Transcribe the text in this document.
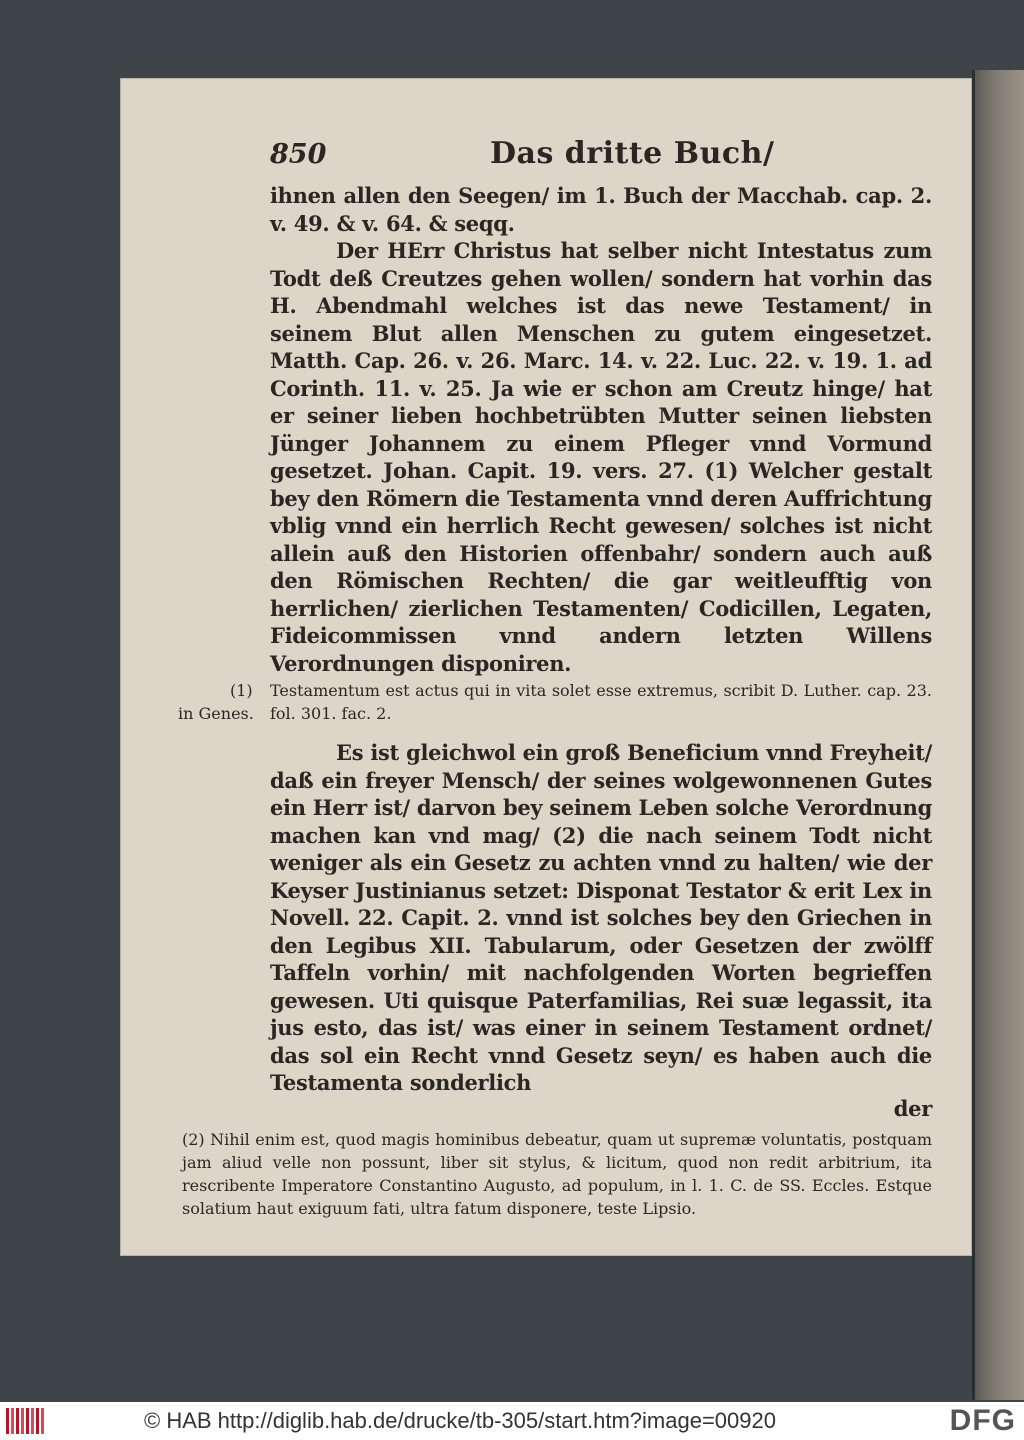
850	Das dritte Buch/

ihnen allen den Seegen/ im 1. Buch der Macchab. cap. 2. v. 49. & v. 64. & seqq.

Der HErr Christus hat selber nicht Intestatus zum Todt deß Creutzes gehen wollen/ sondern hat vorhin das H. Abendmahl welches ist das newe Testament/ in seinem Blut allen Menschen zu gutem eingesetzet. Matth. Cap. 26. v. 26. Marc. 14. v. 22. Luc. 22. v. 19. 1. ad Corinth. 11. v. 25. Ja wie er schon am Creutz hinge/ hat er seiner lieben hochbetrübten Mutter seinen liebsten Jünger Johannem zu einem Pfleger vnnd Vormund gesetzet. Johan. Capit. 19. vers. 27. (1) Welcher gestalt bey den Römern die Testamenta vnnd deren Auffrichtung vblig vnnd ein herrlich Recht gewesen/ solches ist nicht allein auß den Historien offenbahr/ sondern auch auß den Römischen Rechten/ die gar weitleufftig von herrlichen/ zierlichen Testamenten/ Codicillen, Legaten, Fideicommissen vnnd andern letzten Willens Verordnungen disponiren.

(1)
in Genes.
Testamentum est actus qui in vita solet esse extremus, scribit D. Luther. cap. 23. fol. 301. fac. 2.

Es ist gleichwol ein groß Beneficium vnnd Freyheit/ daß ein freyer Mensch/ der seines wolgewonnenen Gutes ein Herr ist/ darvon bey seinem Leben solche Verordnung machen kan vnd mag/ (2) die nach seinem Todt nicht weniger als ein Gesetz zu achten vnnd zu halten/ wie der Keyser Justinianus setzet: Disponat Testator & erit Lex in Novell. 22. Capit. 2. vnnd ist solches bey den Griechen in den Legibus XII. Tabularum, oder Gesetzen der zwölff Taffeln vorhin/ mit nachfolgenden Worten begrieffen gewesen. Uti quisque Paterfamilias, Rei suæ legassit, ita jus esto, das ist/ was einer in seinem Testament ordnet/ das sol ein Recht vnnd Gesetz seyn/ es haben auch die Testamenta sonderlich

der
(2) Nihil enim est, quod magis hominibus debeatur, quam ut supremæ voluntatis, postquam jam aliud velle non possunt, liber sit stylus, & licitum, quod non redit arbitrium, ita rescribente Imperatore Constantino Augusto, ad populum, in l. 1. C. de SS. Eccles. Estque solatium haut exiguum fati, ultra fatum disponere, teste Lipsio.
© HAB http://diglib.hab.de/drucke/tb-305/start.htm?image=00920	DFG
